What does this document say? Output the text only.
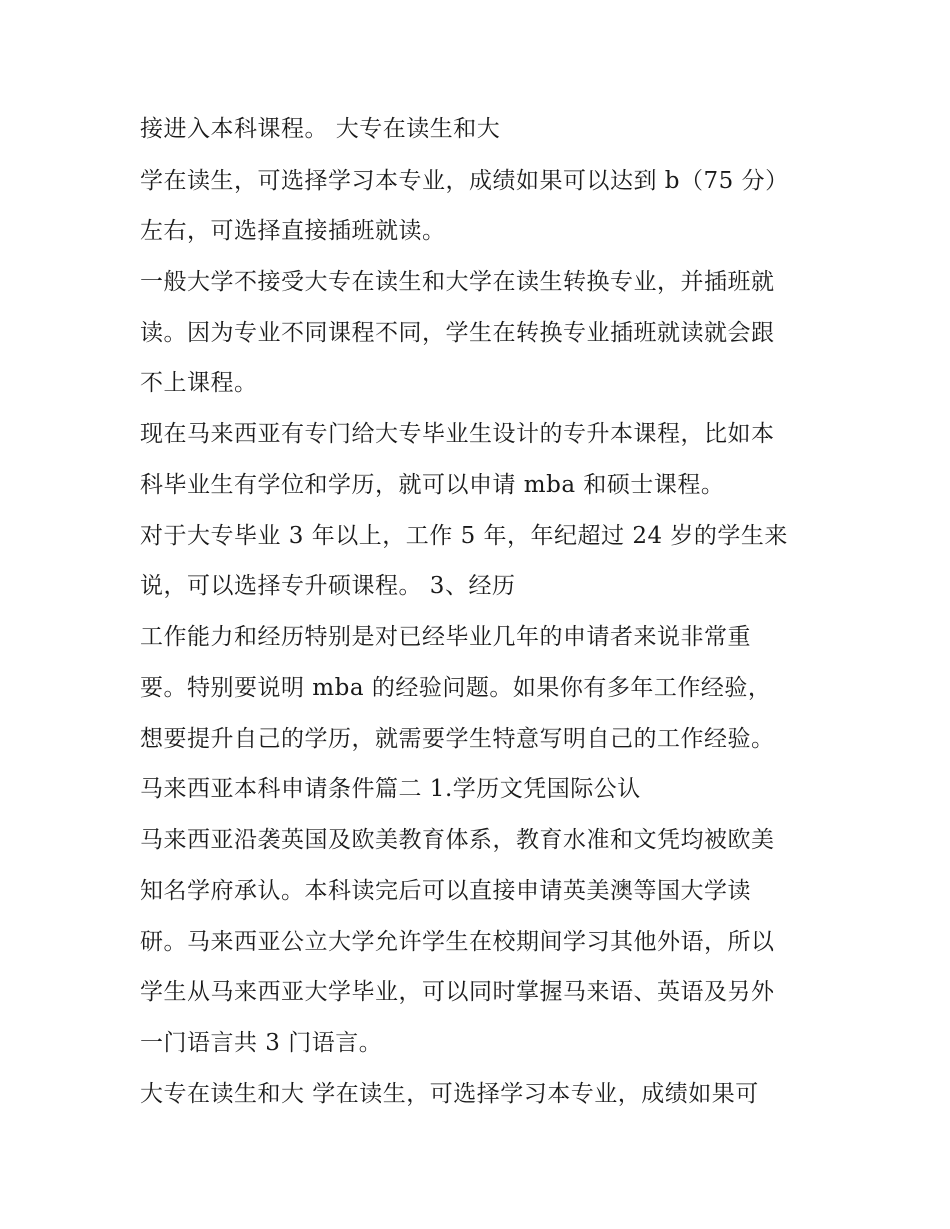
接进入本科课程。 大专在读生和大

学在读生，可选择学习本专业，成绩如果可以达到 b（75 分）

左右，可选择直接插班就读。

一般大学不接受大专在读生和大学在读生转换专业，并插班就

读。因为专业不同课程不同，学生在转换专业插班就读就会跟

不上课程。

现在马来西亚有专门给大专毕业生设计的专升本课程，比如本

科毕业生有学位和学历，就可以申请 mba 和硕士课程。

对于大专毕业 3 年以上，工作 5 年，年纪超过 24 岁的学生来

说，可以选择专升硕课程。 3、经历

工作能力和经历特别是对已经毕业几年的申请者来说非常重

要。特别要说明 mba 的经验问题。如果你有多年工作经验，

想要提升自己的学历，就需要学生特意写明自己的工作经验。

马来西亚本科申请条件篇二 1.学历文凭国际公认

马来西亚沿袭英国及欧美教育体系，教育水准和文凭均被欧美

知名学府承认。本科读完后可以直接申请英美澳等国大学读

研。马来西亚公立大学允许学生在校期间学习其他外语，所以

学生从马来西亚大学毕业，可以同时掌握马来语、英语及另外

一门语言共 3 门语言。

大专在读生和大 学在读生，可选择学习本专业，成绩如果可
